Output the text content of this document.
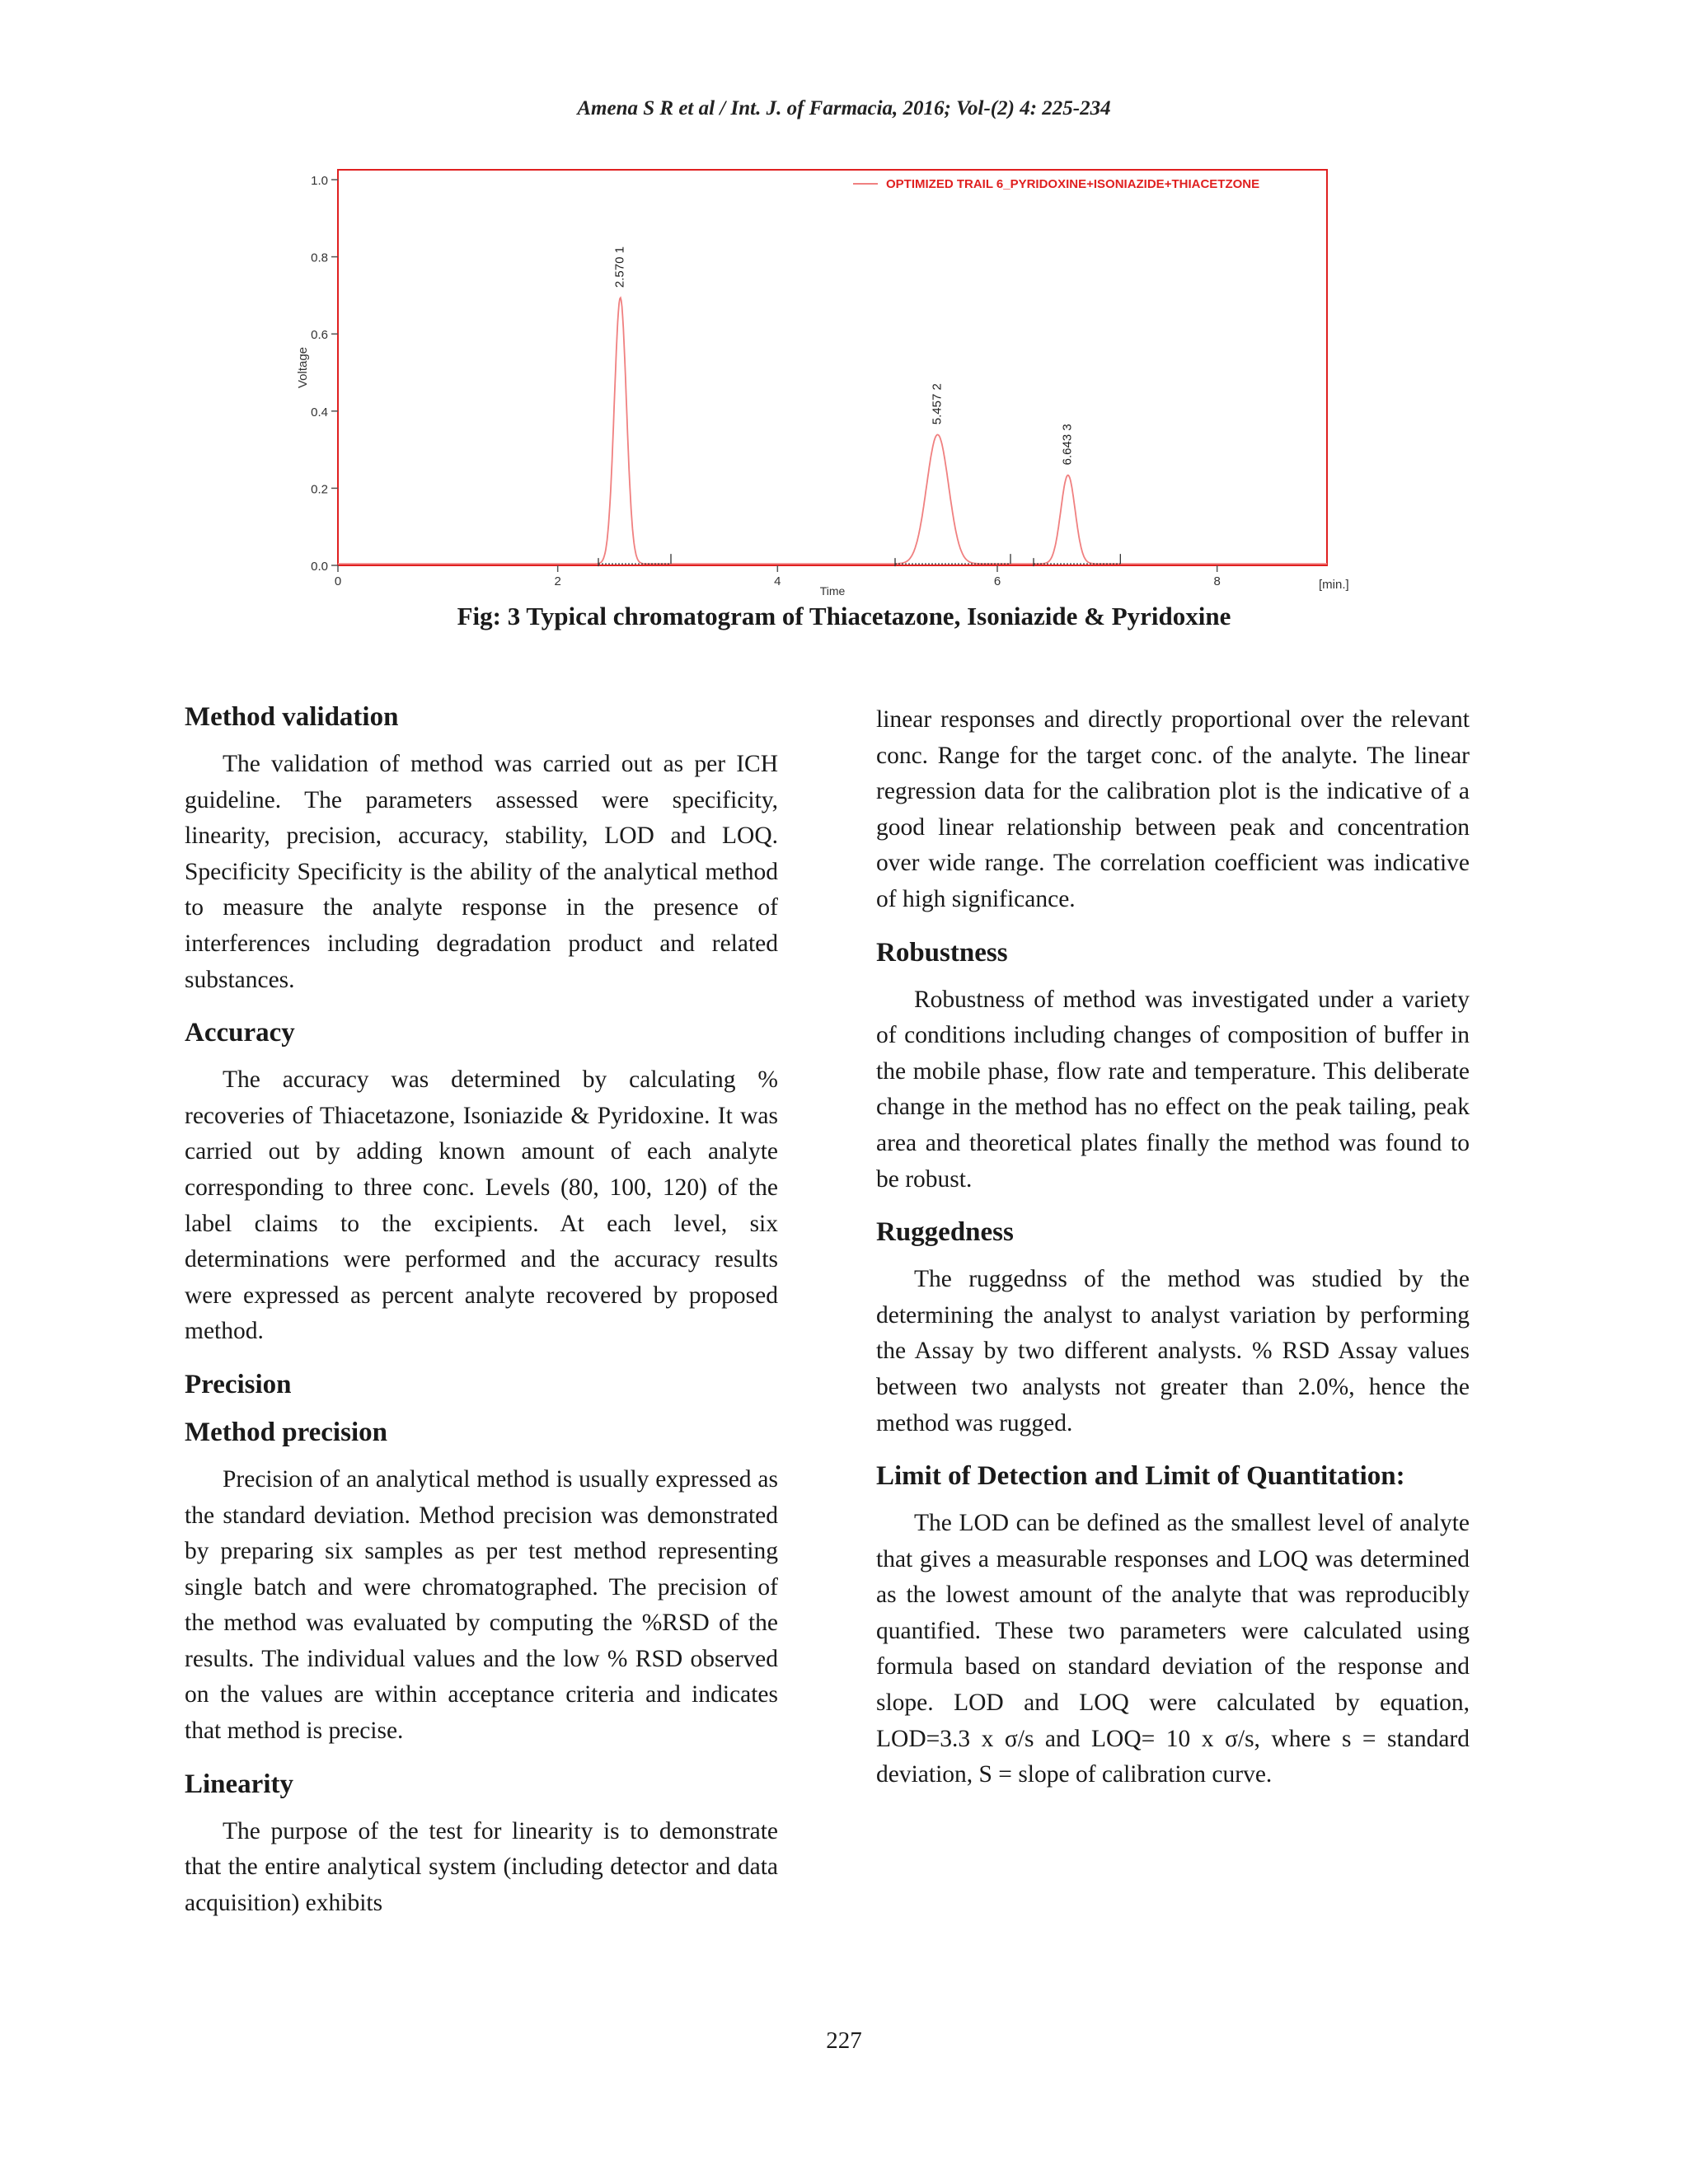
Amena S R et al / Int. J. of Farmacia, 2016; Vol-(2) 4: 225-234
0.0
0.2
0.4
0.6
0.8
1.0
0	2	4	6	8
Voltage
Time	[min.]
OPTIMIZED TRAIL 6_PYRIDOXINE+ISONIAZIDE+THIACETZONE
2.570 1
5.457 2
6.643 3
Fig: 3 Typical chromatogram of Thiacetazone, Isoniazide & Pyridoxine
Method validation

The validation of method was carried out as per ICH guideline. The parameters assessed were specificity, linearity, precision, accuracy, stability, LOD and LOQ. Specificity Specificity is the ability of the analytical method to measure the analyte response in the presence of interferences including degradation product and related substances.

Accuracy

The accuracy was determined by calculating % recoveries of Thiacetazone, Isoniazide & Pyridoxine. It was carried out by adding known amount of each analyte corresponding to three conc. Levels (80, 100, 120) of the label claims to the excipients. At each level, six determinations were performed and the accuracy results were expressed as percent analyte recovered by proposed method.

Precision
Method precision

Precision of an analytical method is usually expressed as the standard deviation. Method precision was demonstrated by preparing six samples as per test method representing single batch and were chromatographed. The precision of the method was evaluated by computing the %RSD of the results. The individual values and the low % RSD observed on the values are within acceptance criteria and indicates that method is precise.

Linearity

The purpose of the test for linearity is to demonstrate that the entire analytical system (including detector and data acquisition) exhibits

linear responses and directly proportional over the relevant conc. Range for the target conc. of the analyte. The linear regression data for the calibration plot is the indicative of a good linear relationship between peak and concentration over wide range. The correlation coefficient was indicative of high significance.

Robustness

Robustness of method was investigated under a variety of conditions including changes of composition of buffer in the mobile phase, flow rate and temperature. This deliberate change in the method has no effect on the peak tailing, peak area and theoretical plates finally the method was found to be robust.

Ruggedness

The ruggednss of the method was studied by the determining the analyst to analyst variation by performing the Assay by two different analysts. % RSD Assay values between two analysts not greater than 2.0%, hence the method was rugged.

Limit of Detection and Limit of Quantitation:

The LOD can be defined as the smallest level of analyte that gives a measurable responses and LOQ was determined as the lowest amount of the analyte that was reproducibly quantified. These two parameters were calculated using formula based on standard deviation of the response and slope. LOD and LOQ were calculated by equation, LOD=3.3 x σ/s and LOQ= 10 x σ/s, where s = standard deviation, S = slope of calibration curve.

227
